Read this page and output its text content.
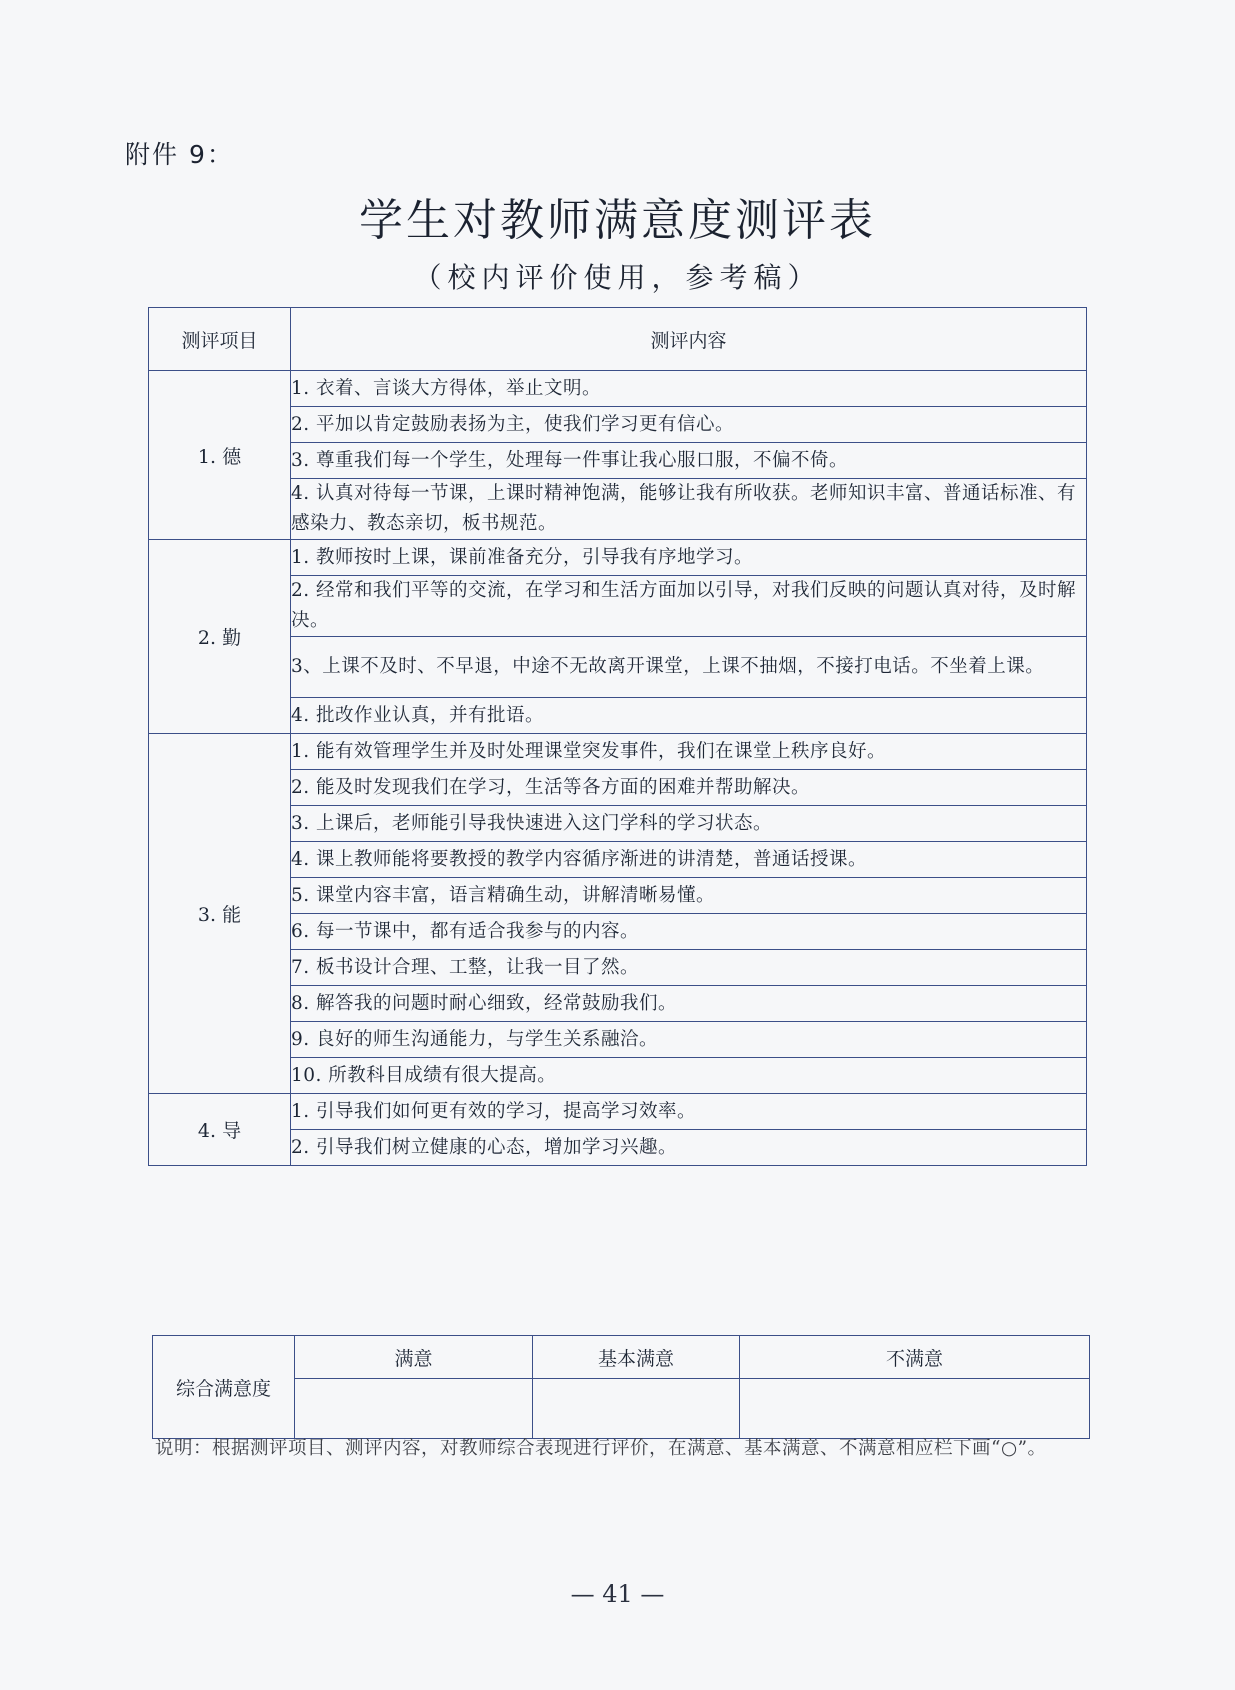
附件 9：
学生对教师满意度测评表
（校内评价使用，参考稿）
测评项目	测评内容
1. 德	1. 衣着、言谈大方得体，举止文明。
	2. 平加以肯定鼓励表扬为主，使我们学习更有信心。
	3. 尊重我们每一个学生，处理每一件事让我心服口服，不偏不倚。
	4. 认真对待每一节课，上课时精神饱满，能够让我有所收获。老师知识丰富、普通话标准、有感染力、教态亲切，板书规范。
2. 勤	1. 教师按时上课，课前准备充分，引导我有序地学习。
	2. 经常和我们平等的交流，在学习和生活方面加以引导，对我们反映的问题认真对待，及时解决。
	3、上课不及时、不早退，中途不无故离开课堂，上课不抽烟，不接打电话。不坐着上课。
	4. 批改作业认真，并有批语。
3. 能	1. 能有效管理学生并及时处理课堂突发事件，我们在课堂上秩序良好。
	2. 能及时发现我们在学习，生活等各方面的困难并帮助解决。
	3. 上课后，老师能引导我快速进入这门学科的学习状态。
	4. 课上教师能将要教授的教学内容循序渐进的讲清楚，普通话授课。
	5. 课堂内容丰富，语言精确生动，讲解清晰易懂。
	6. 每一节课中，都有适合我参与的内容。
	7. 板书设计合理、工整，让我一目了然。
	8. 解答我的问题时耐心细致，经常鼓励我们。
	9. 良好的师生沟通能力，与学生关系融洽。
	10. 所教科目成绩有很大提高。
4. 导	1. 引导我们如何更有效的学习，提高学习效率。
	2. 引导我们树立健康的心态，增加学习兴趣。
综合满意度	满意	基本满意	不满意

说明：根据测评项目、测评内容，对教师综合表现进行评价，在满意、基本满意、不满意相应栏下画“○”。
— 41 —
